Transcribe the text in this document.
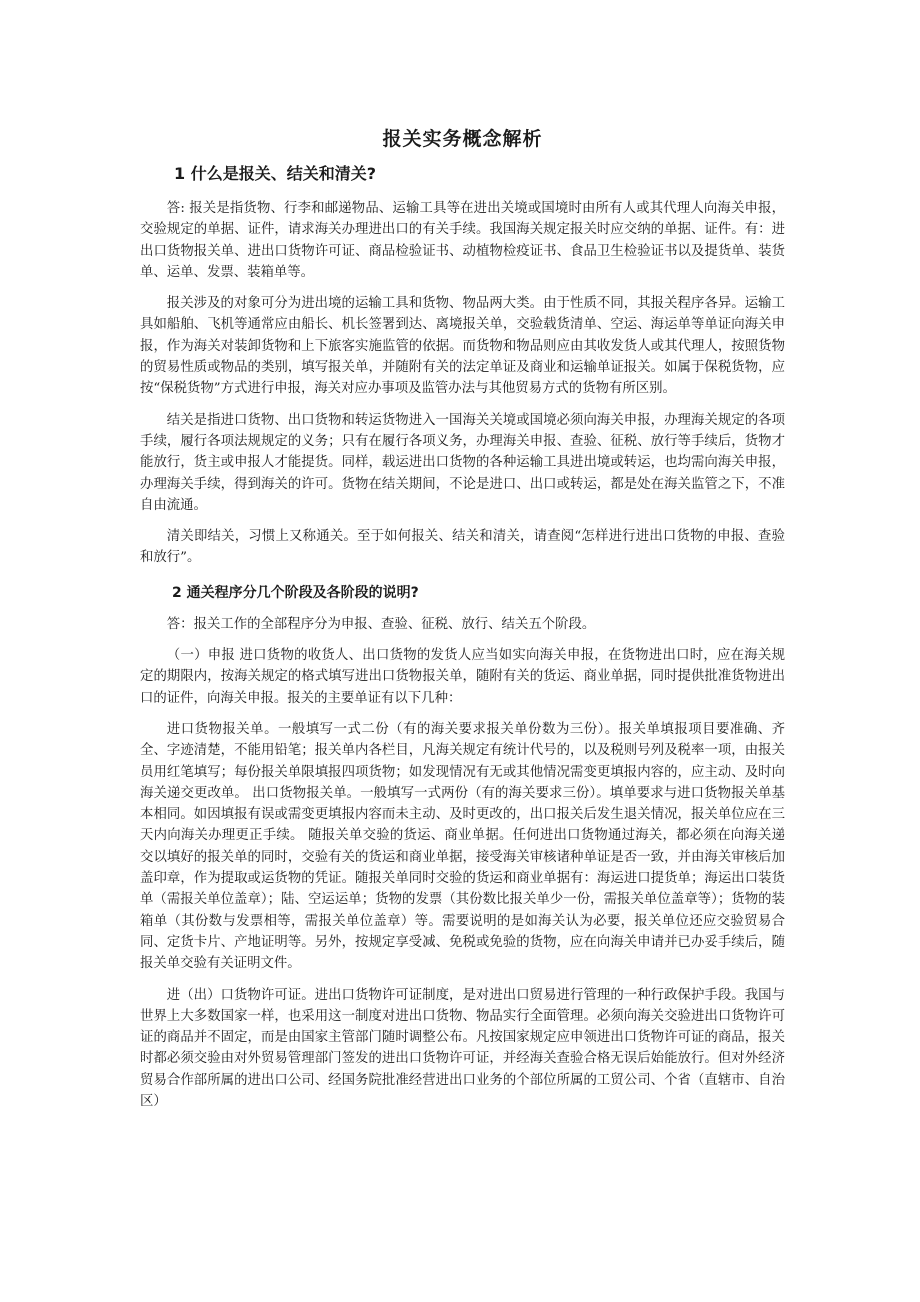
报关实务概念解析
1 什么是报关、结关和清关?

答: 报关是指货物、行李和邮递物品、运输工具等在进出关境或国境时由所有人或其代理人向海关申报，交验规定的单据、证件，请求海关办理进出口的有关手续。我国海关规定报关时应交纳的单据、证件。有：进出口货物报关单、进出口货物许可证、商品检验证书、动植物检疫证书、食品卫生检验证书以及提货单、装货单、运单、发票、装箱单等。

报关涉及的对象可分为进出境的运输工具和货物、物品两大类。由于性质不同，其报关程序各异。运输工具如船舶、飞机等通常应由船长、机长签署到达、离境报关单，交验载货清单、空运、海运单等单证向海关申报，作为海关对装卸货物和上下旅客实施监管的依据。而货物和物品则应由其收发货人或其代理人，按照货物的贸易性质或物品的类别，填写报关单，并随附有关的法定单证及商业和运输单证报关。如属于保税货物，应按“保税货物”方式进行申报，海关对应办事项及监管办法与其他贸易方式的货物有所区别。

结关是指进口货物、出口货物和转运货物进入一国海关关境或国境必须向海关申报，办理海关规定的各项手续，履行各项法规规定的义务；只有在履行各项义务，办理海关申报、查验、征税、放行等手续后，货物才能放行，货主或申报人才能提货。同样，载运进出口货物的各种运输工具进出境或转运，也均需向海关申报，办理海关手续，得到海关的许可。货物在结关期间，不论是进口、出口或转运，都是处在海关监管之下，不准自由流通。

清关即结关，习惯上又称通关。至于如何报关、结关和清关，请查阅“怎样进行进出口货物的申报、查验和放行”。

2 通关程序分几个阶段及各阶段的说明?

答：报关工作的全部程序分为申报、查验、征税、放行、结关五个阶段。

（一）申报 进口货物的收货人、出口货物的发货人应当如实向海关申报，在货物进出口时，应在海关规定的期限内，按海关规定的格式填写进出口货物报关单，随附有关的货运、商业单据，同时提供批准货物进出口的证件，向海关申报。报关的主要单证有以下几种：

进口货物报关单。一般填写一式二份（有的海关要求报关单份数为三份）。报关单填报项目要准确、齐全、字迹清楚，不能用铅笔；报关单内各栏目，凡海关规定有统计代号的，以及税则号列及税率一项，由报关员用红笔填写；每份报关单限填报四项货物；如发现情况有无或其他情况需变更填报内容的，应主动、及时向海关递交更改单。 出口货物报关单。一般填写一式两份（有的海关要求三份）。填单要求与进口货物报关单基本相同。如因填报有误或需变更填报内容而未主动、及时更改的，出口报关后发生退关情况，报关单位应在三天内向海关办理更正手续。 随报关单交验的货运、商业单据。任何进出口货物通过海关，都必须在向海关递交以填好的报关单的同时，交验有关的货运和商业单据，接受海关审核诸种单证是否一致，并由海关审核后加盖印章，作为提取或运货物的凭证。随报关单同时交验的货运和商业单据有：海运进口提货单；海运出口装货单（需报关单位盖章）；陆、空运运单；货物的发票（其份数比报关单少一份，需报关单位盖章等）；货物的装箱单（其份数与发票相等，需报关单位盖章）等。需要说明的是如海关认为必要，报关单位还应交验贸易合同、定货卡片、产地证明等。另外，按规定享受减、免税或免验的货物，应在向海关申请并已办妥手续后，随报关单交验有关证明文件。

进（出）口货物许可证。进出口货物许可证制度，是对进出口贸易进行管理的一种行政保护手段。我国与世界上大多数国家一样，也采用这一制度对进出口货物、物品实行全面管理。必须向海关交验进出口货物许可证的商品并不固定，而是由国家主管部门随时调整公布。凡按国家规定应申领进出口货物许可证的商品，报关时都必须交验由对外贸易管理部门签发的进出口货物许可证，并经海关查验合格无误后始能放行。但对外经济贸易合作部所属的进出口公司、经国务院批准经营进出口业务的个部位所属的工贸公司、个省（直辖市、自治区）
